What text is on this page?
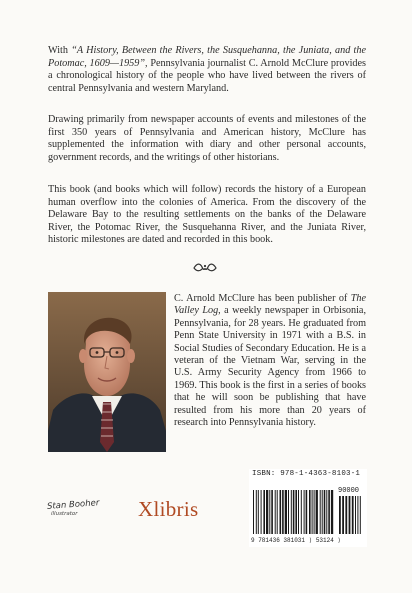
With “A History, Between the Rivers, the Susquehanna, the Juniata, and the Potomac, 1609—1959”, Pennsylvania journalist C. Arnold McClure provides a chronological history of the people who have lived between the rivers of central Pennsylvania and western Maryland.
Drawing primarily from newspaper accounts of events and milestones of the first 350 years of Pennsylvania and American history, McClure has supplemented the information with diary and other personal accounts, government records, and the writings of other historians.
This book (and books which will follow) records the history of a European human overflow into the colonies of America. From the discovery of the Delaware Bay to the resulting settlements on the banks of the Delaware River, the Potomac River, the Susquehanna River, and the Juniata River, historic milestones are dated and recorded in this book.
C. Arnold McClure has been publisher of The Valley Log, a weekly newspaper in Orbisonia, Pennsylvania, for 28 years. He graduated from Penn State University in 1971 with a B.S. in Social Studies of Secondary Education. He is a veteran of the Vietnam War, serving in the U.S. Army Security Agency from 1966 to 1969. This book is the first in a series of books that he will soon be publishing that have resulted from his more than 20 years of research into Pennsylvania history.
ISBN: 978-1-4363-8103-1
90000
9 781436 381031 ⟩ 53124 ⟩
Stan Booher
illustrator	Xlibris
